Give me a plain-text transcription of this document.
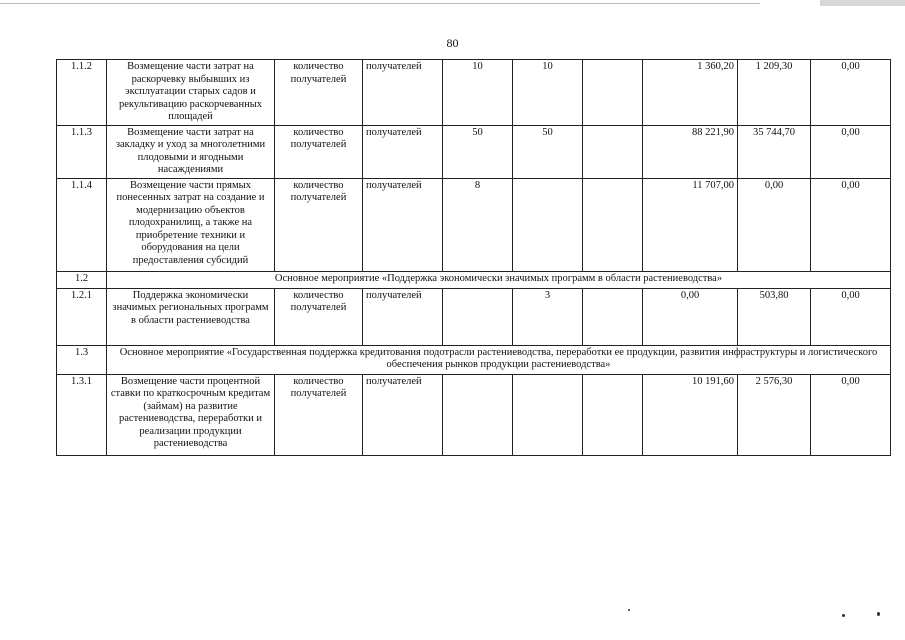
80
1.1.2	Возмещение части затрат на раскорчевку выбывших из эксплуатации старых садов и рекультивацию раскорчеванных площадей	количество получателей	получателей	10	10		1 360,20	1 209,30	0,00
1.1.3	Возмещение части затрат на закладку и уход за многолетними плодовыми и ягодными насаждениями	количество получателей	получателей	50	50		88 221,90	35 744,70	0,00
1.1.4	Возмещение части прямых понесенных затрат на создание и модернизацию объектов плодохранилищ, а также на приобретение техники и оборудования на цели предоставления субсидий	количество получателей	получателей	8			11 707,00	0,00	0,00
1.2	Основное мероприятие «Поддержка экономически значимых программ в области растениеводства»								
1.2.1	Поддержка экономически значимых региональных программ в области растениеводства	количество получателей	получателей		3		0,00	503,80	0,00
1.3	Основное мероприятие «Государственная поддержка кредитования подотрасли растениеводства, переработки ее продукции, развития инфраструктуры и логистического обеспечения рынков продукции растениеводства»								
1.3.1	Возмещение части процентной ставки по краткосрочным кредитам (займам) на развитие растениеводства, переработки и реализации продукции растениеводства	количество получателей	получателей				10 191,60	2 576,30	0,00
